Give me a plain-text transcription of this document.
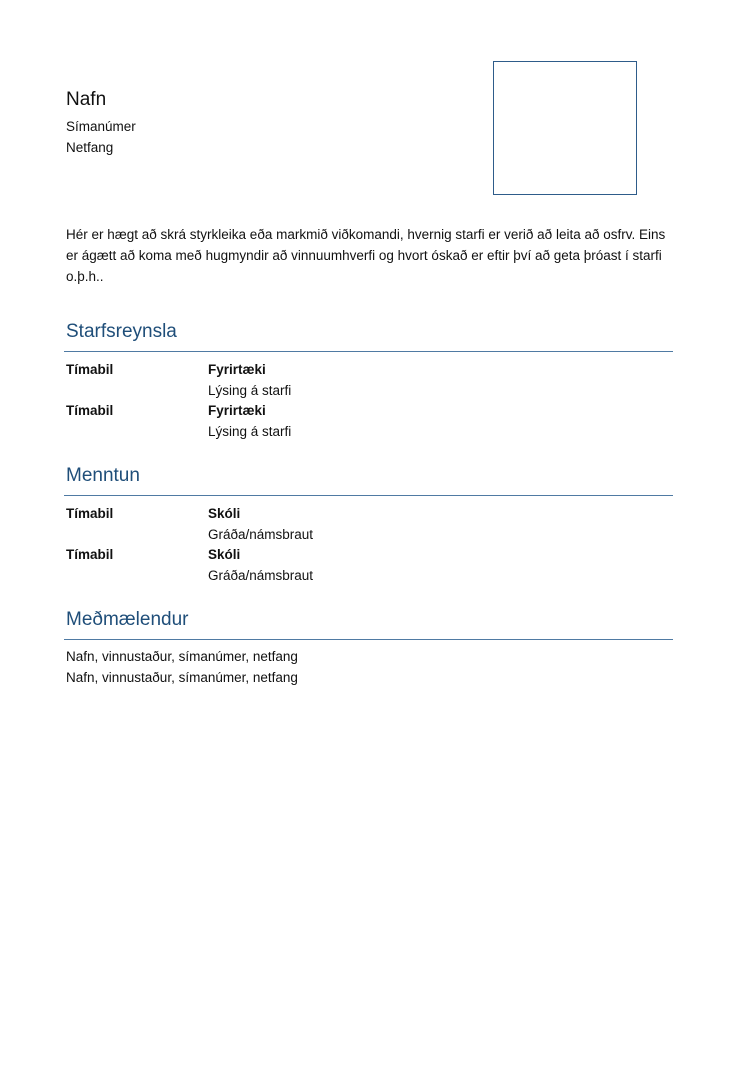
Nafn
Símanúmer
Netfang
Hér er hægt að skrá styrkleika eða markmið viðkomandi, hvernig starfi er verið að leita að osfrv. Eins er ágætt að koma með hugmyndir að vinnuumhverfi og hvort óskað er eftir því að geta þróast í starfi o.þ.h..
Starfsreynsla
Tímabil	Fyrirtæki
Lýsing á starfi
Tímabil	Fyrirtæki
Lýsing á starfi
Menntun
Tímabil	Skóli
Gráða/námsbraut
Tímabil	Skóli
Gráða/námsbraut
Meðmælendur
Nafn, vinnustaður, símanúmer, netfang
Nafn, vinnustaður, símanúmer, netfang
